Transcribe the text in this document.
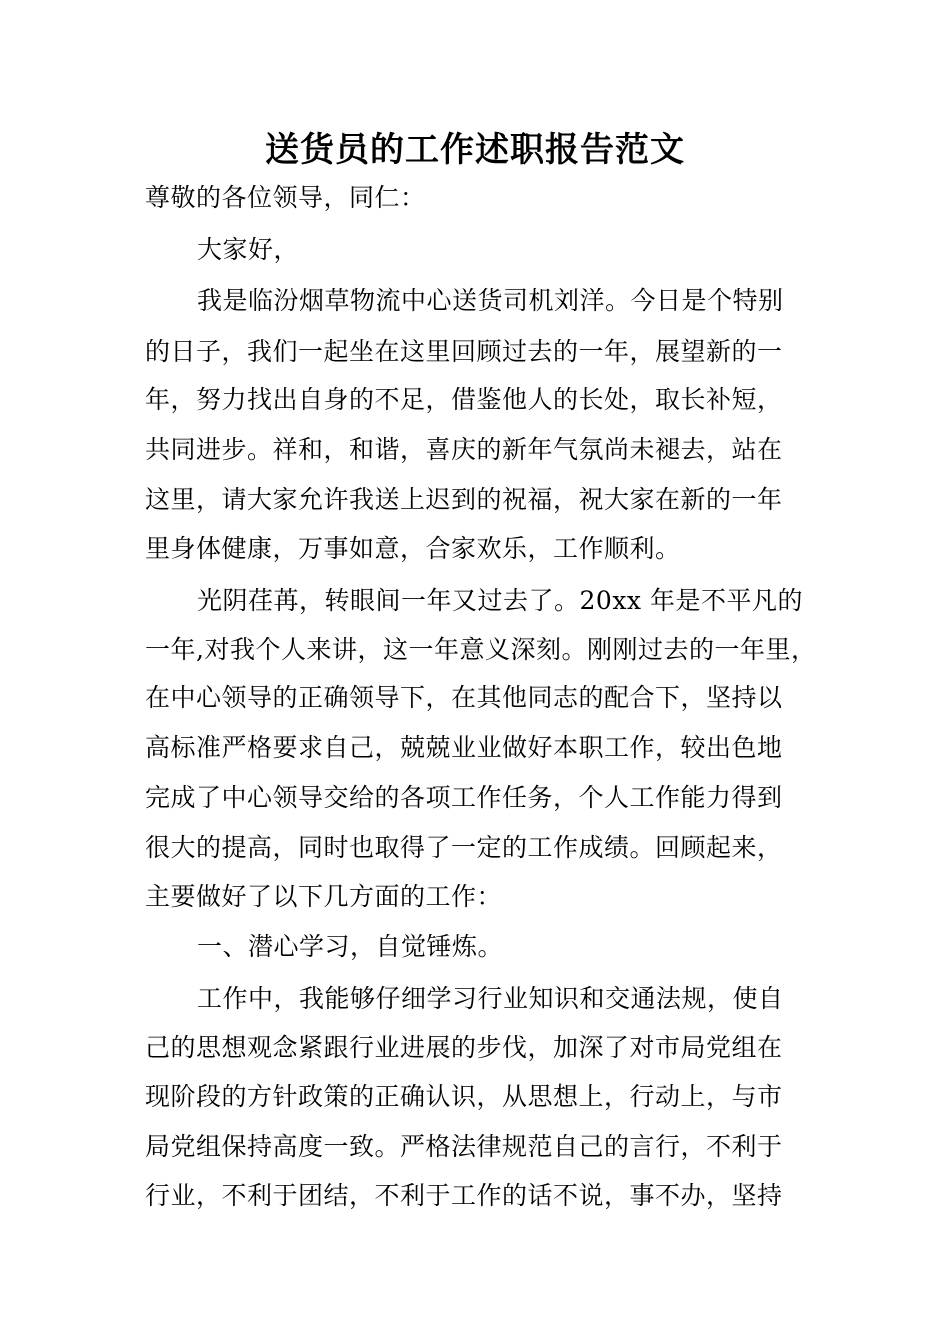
送货员的工作述职报告范文
尊敬的各位领导，同仁：
大家好，
我是临汾烟草物流中心送货司机刘洋。今日是个特别
的日子，我们一起坐在这里回顾过去的一年，展望新的一
年，努力找出自身的不足，借鉴他人的长处，取长补短，
共同进步。祥和，和谐，喜庆的新年气氛尚未褪去，站在
这里，请大家允许我送上迟到的祝福，祝大家在新的一年
里身体健康，万事如意，合家欢乐，工作顺利。
光阴荏苒，转眼间一年又过去了。20xx 年是不平凡的
一年,对我个人来讲，这一年意义深刻。刚刚过去的一年里，
在中心领导的正确领导下，在其他同志的配合下，坚持以
高标准严格要求自己，兢兢业业做好本职工作，较出色地
完成了中心领导交给的各项工作任务，个人工作能力得到
很大的提高，同时也取得了一定的工作成绩。回顾起来，
主要做好了以下几方面的工作：
一、潜心学习，自觉锤炼。
工作中，我能够仔细学习行业知识和交通法规，使自
己的思想观念紧跟行业进展的步伐，加深了对市局党组在
现阶段的方针政策的正确认识，从思想上，行动上，与市
局党组保持高度一致。严格法律规范自己的言行，不利于
行业，不利于团结，不利于工作的话不说，事不办，坚持
